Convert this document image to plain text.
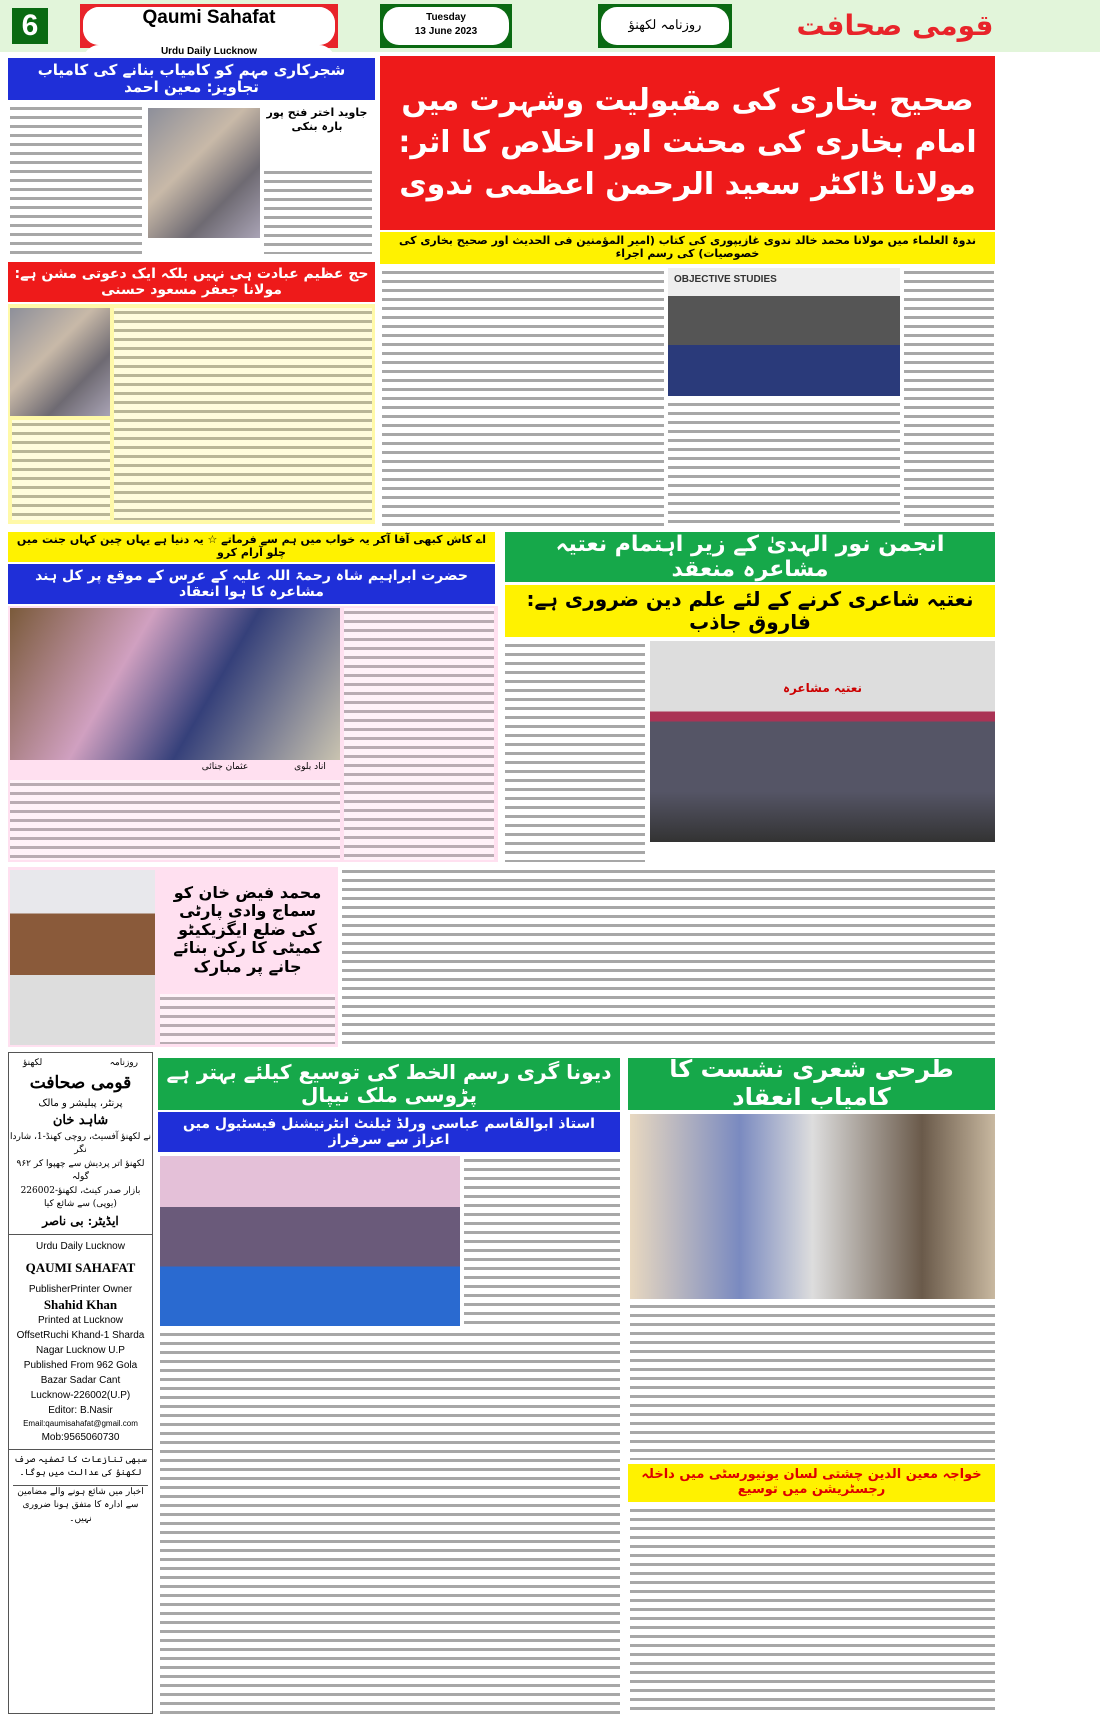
6	Qaumi Sahafat
Urdu Daily Lucknow
Tuesday
13 June 2023	روزنامہ لکھنؤ	قومی صحافت
شجرکاری مہم کو کامیاب بنانے کی کامیاب تجاویز: معین احمد
جاوید اختر فتح پور بارہ بنکی
صحیح بخاری کی مقبولیت وشہرت میں امام بخاری کی محنت اور اخلاص کا اثر: مولانا ڈاکٹر سعید الرحمن اعظمی ندوی
ندوۃ العلماء میں مولانا محمد خالد ندوی غازیپوری کی کتاب (امیر المؤمنین فی الحدیث اور صحیح بخاری کی خصوصیات) کی رسم اجراء
OBJECTIVE STUDIES
حج عظیم عبادت ہی نہیں بلکہ ایک دعوتی مشن ہے: مولانا جعفر مسعود حسنی
اے کاش کبھی آقا آکر یہ خواب میں ہم سے فرماتے ☆ یہ دنیا ہے یہاں چین کہاں جنت میں چلو آرام کرو
حضرت ابراہیم شاہ رحمۃ اللہ علیہ کے عرس کے موقع پر کل ہند مشاعرہ کا ہوا انعقاد
عثمان جنائی	اناد بلوی
انجمن نور الہدیٰ کے زیر اہتمام نعتیہ مشاعرہ منعقد
نعتیہ شاعری کرنے کے لئے علم دین ضروری ہے: فاروق جاذب
نعتیہ مشاعرہ
محمد فیض خان کو سماج وادی پارٹی کی ضلع ایگزیکیٹو کمیٹی کا رکن بنائے جانے پر مبارک
روزنامہ
لکھنؤ
قومی صحافت
پرنٹر، پبلیشر و مالک
شاہد خان
نے لکھنؤ آفسیٹ، روچی کھنڈ-1، شاردا نگر
لکھنؤ اتر پردیش سے چھپوا کر ۹۶۲ گولہ
بازار صدر کینٹ، لکھنؤ-226002
(یوپی) سے شائع کیا
ایڈیٹر: بی ناصر
Urdu Daily Lucknow
QAUMI SAHAFAT
PublisherPrinter Owner
Shahid Khan
Printed at Lucknow
OffsetRuchi Khand-1 Sharda
Nagar Lucknow U.P
Published From 962 Gola
Bazar Sadar Cant
Lucknow-226002(U.P)
Editor: B.Nasir
Email:qaumisahafat@gmail.com
Mob:9565060730
سبھی تنازعات کا تصفیہ صرف لکھنؤ کی عدالت میں ہوگا۔
اخبار میں شائع ہونے والے مضامین سے ادارہ کا متفق ہونا ضروری نہیں۔
دیونا گری رسم الخط کی توسیع کیلئے بہتر ہے پڑوسی ملک نیپال
استاذ ابوالقاسم عباسی ورلڈ ٹیلنٹ انٹرنیشنل فیسٹیول میں اعزاز سے سرفراز
طرحی شعری نشست کا کامیاب انعقاد
خواجہ معین الدین چشتی لسان یونیورسٹی میں داخلہ رجسٹریشن میں توسیع
